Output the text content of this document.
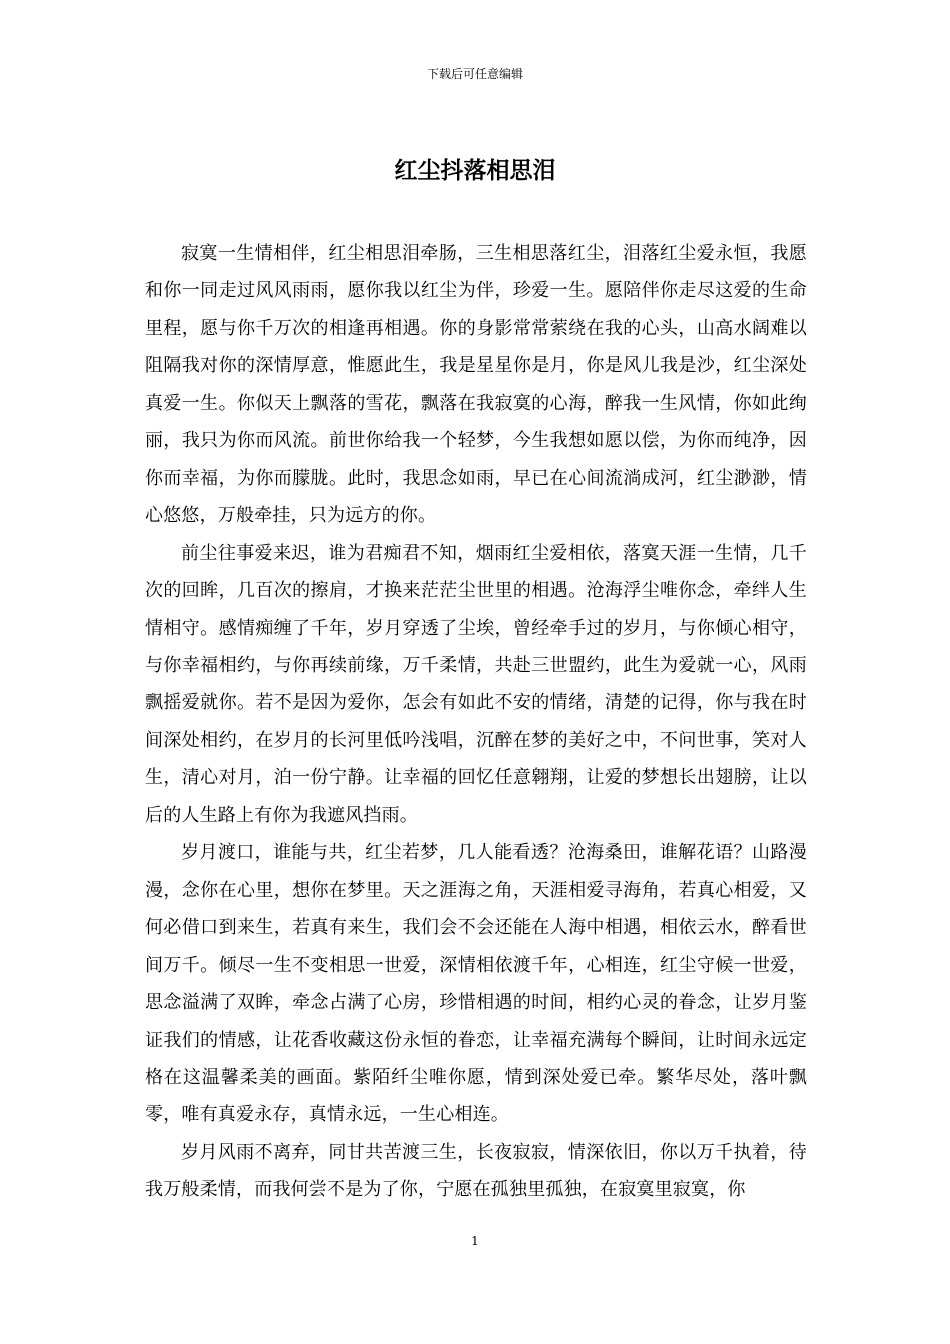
下载后可任意编辑
红尘抖落相思泪

寂寞一生情相伴，红尘相思泪牵肠，三生相思落红尘，泪落红尘爱永恒，我愿和你一同走过风风雨雨，愿你我以红尘为伴，珍爱一生。愿陪伴你走尽这爱的生命里程，愿与你千万次的相逢再相遇。你的身影常常萦绕在我的心头，山高水阔难以阻隔我对你的深情厚意，惟愿此生，我是星星你是月，你是风儿我是沙，红尘深处真爱一生。你似天上飘落的雪花，飘落在我寂寞的心海，醉我一生风情，你如此绚丽，我只为你而风流。前世你给我一个轻梦，今生我想如愿以偿，为你而纯净，因你而幸福，为你而朦胧。此时，我思念如雨，早已在心间流淌成河，红尘渺渺，情心悠悠，万般牵挂，只为远方的你。

前尘往事爱来迟，谁为君痴君不知，烟雨红尘爱相依，落寞天涯一生情，几千次的回眸，几百次的擦肩，才换来茫茫尘世里的相遇。沧海浮尘唯你念，牵绊人生情相守。感情痴缠了千年，岁月穿透了尘埃，曾经牵手过的岁月，与你倾心相守，与你幸福相约，与你再续前缘，万千柔情，共赴三世盟约，此生为爱就一心，风雨飘摇爱就你。若不是因为爱你，怎会有如此不安的情绪，清楚的记得，你与我在时间深处相约，在岁月的长河里低吟浅唱，沉醉在梦的美好之中，不问世事，笑对人生，清心对月，泊一份宁静。让幸福的回忆任意翱翔，让爱的梦想长出翅膀，让以后的人生路上有你为我遮风挡雨。

岁月渡口，谁能与共，红尘若梦，几人能看透？沧海桑田，谁解花语？山路漫漫，念你在心里，想你在梦里。天之涯海之角，天涯相爱寻海角，若真心相爱，又何必借口到来生，若真有来生，我们会不会还能在人海中相遇，相依云水，醉看世间万千。倾尽一生不变相思一世爱，深情相依渡千年，心相连，红尘守候一世爱，思念溢满了双眸，牵念占满了心房，珍惜相遇的时间，相约心灵的眷念，让岁月鉴证我们的情感，让花香收藏这份永恒的眷恋，让幸福充满每个瞬间，让时间永远定格在这温馨柔美的画面。紫陌纤尘唯你愿，情到深处爱已牵。繁华尽处，落叶飘零，唯有真爱永存，真情永远，一生心相连。

岁月风雨不离弃，同甘共苦渡三生，长夜寂寂，情深依旧，你以万千执着，待我万般柔情，而我何尝不是为了你，宁愿在孤独里孤独，在寂寞里寂寞，你

1
